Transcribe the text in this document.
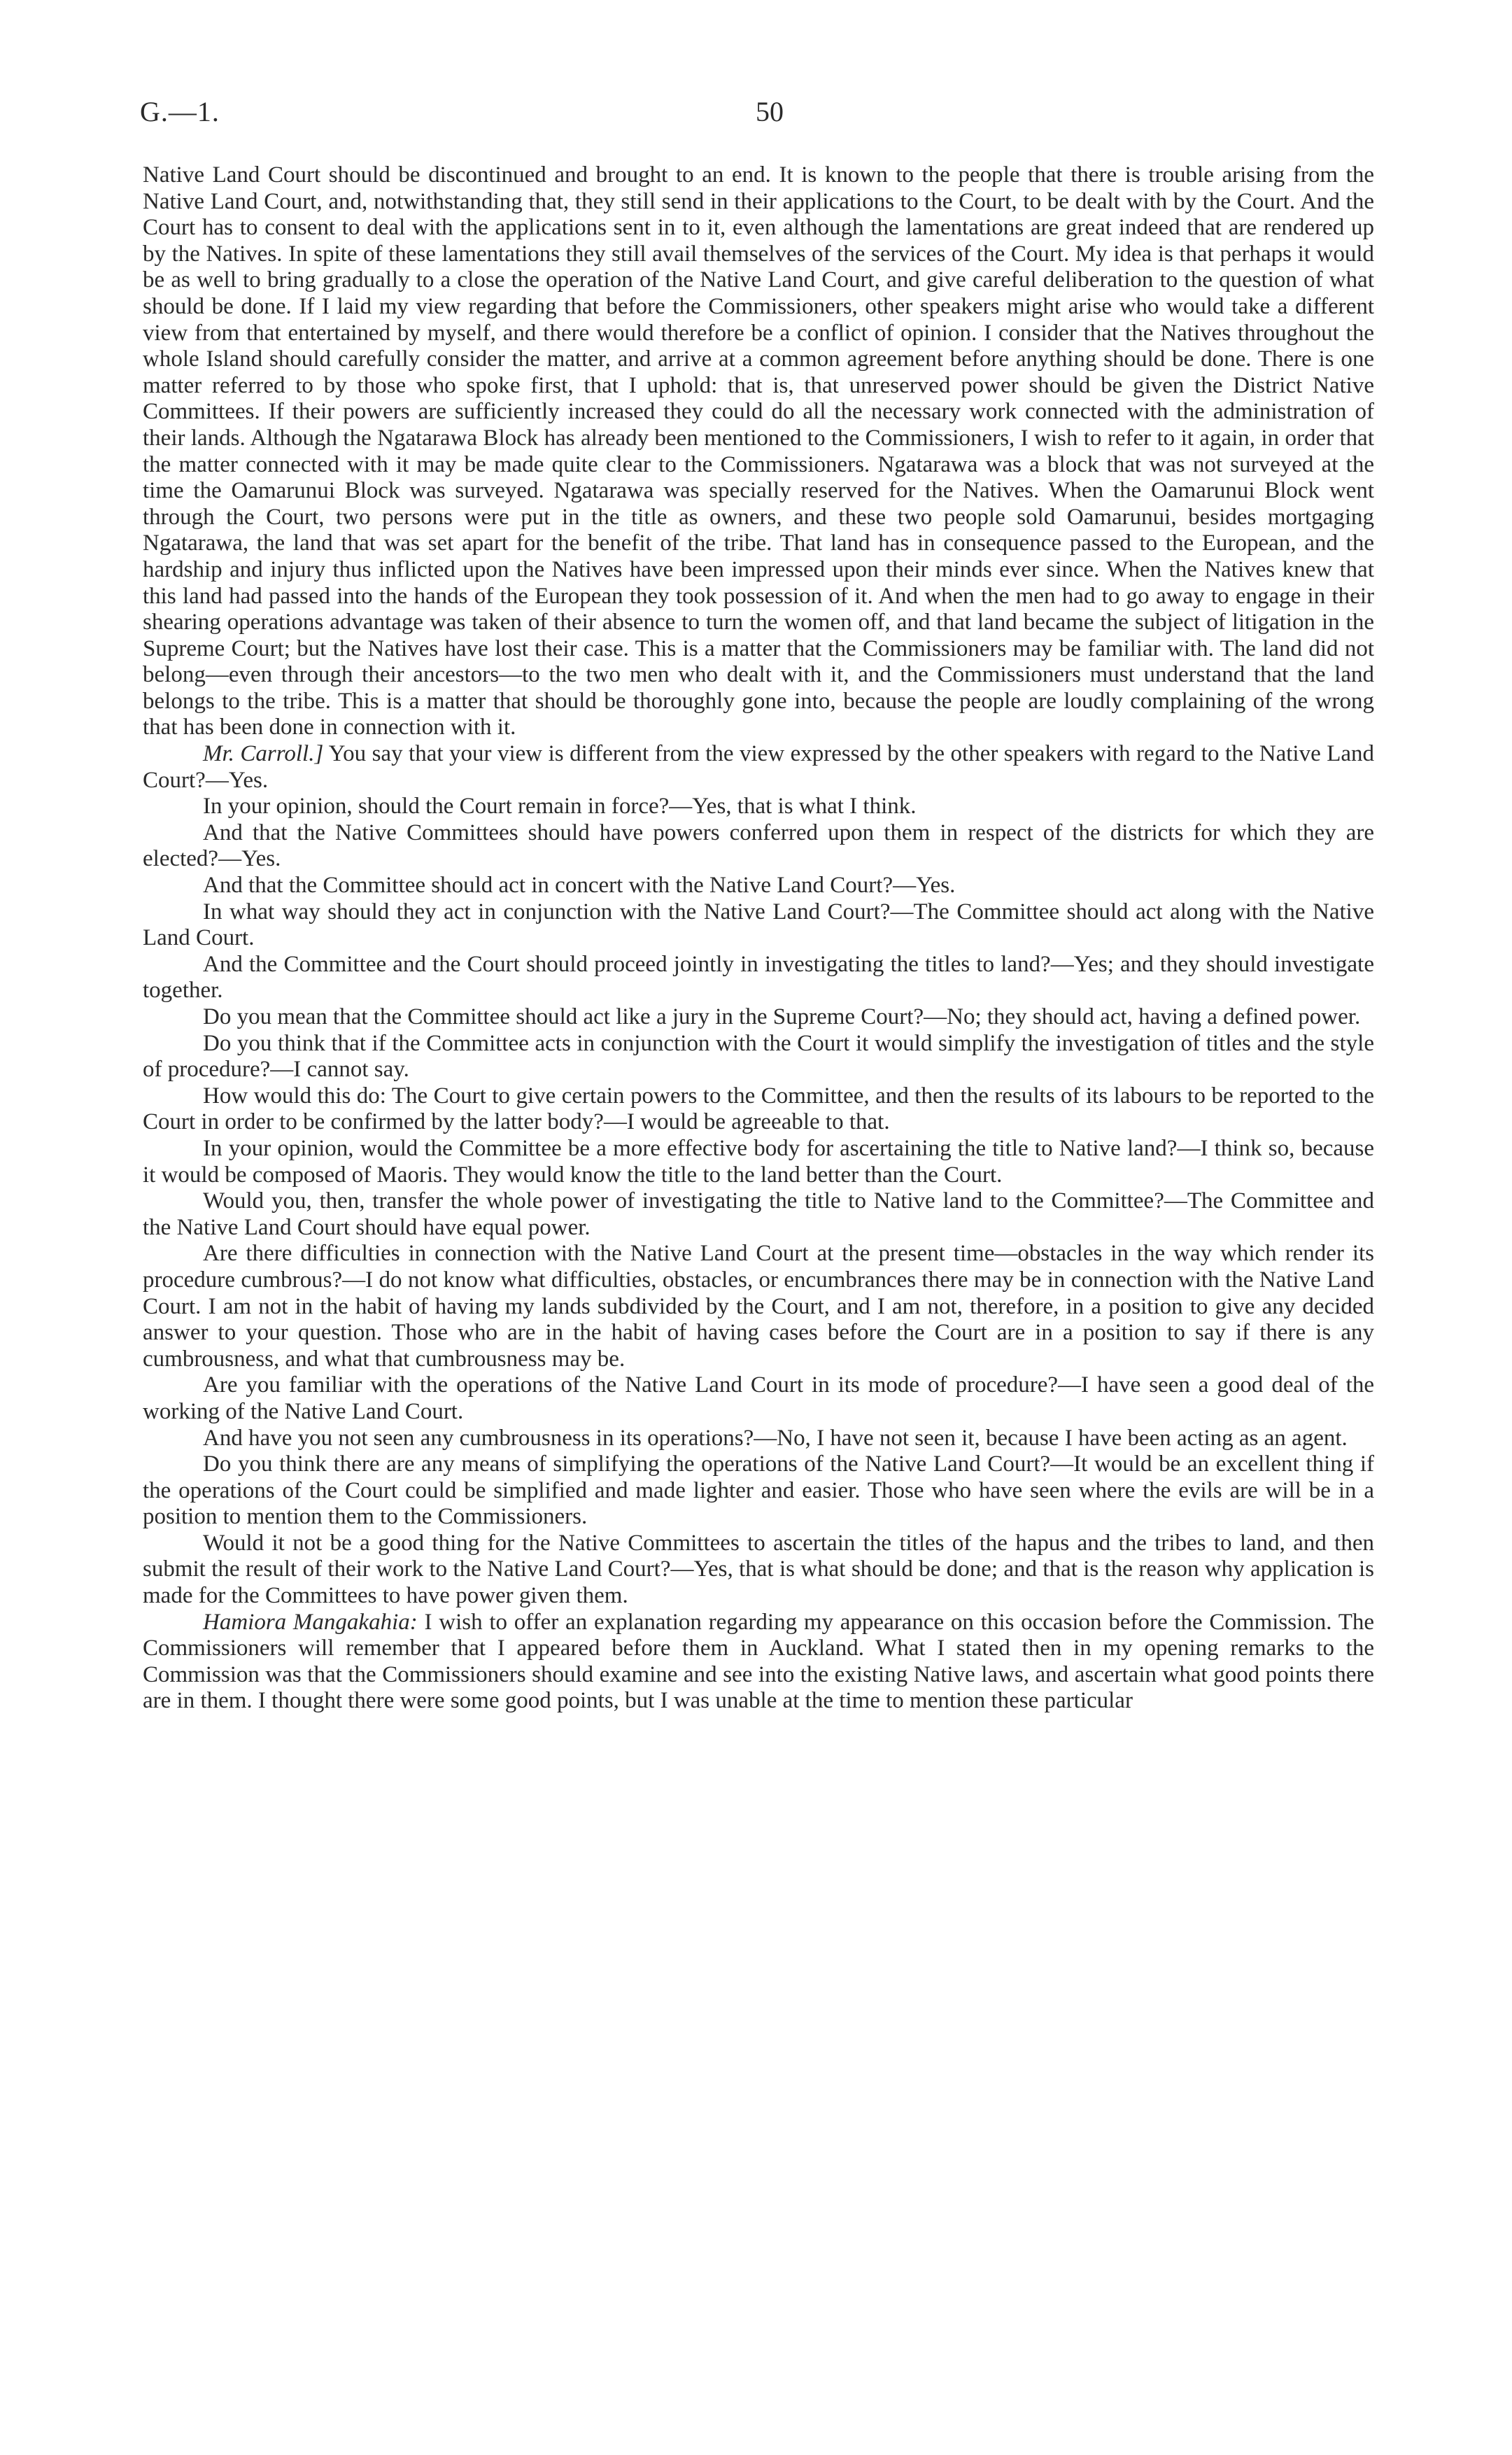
G.—1.	50

Native Land Court should be discontinued and brought to an end. It is known to the people that there is trouble arising from the Native Land Court, and, notwithstanding that, they still send in their applications to the Court, to be dealt with by the Court. And the Court has to consent to deal with the applications sent in to it, even although the lamentations are great indeed that are rendered up by the Natives. In spite of these lamentations they still avail themselves of the services of the Court. My idea is that perhaps it would be as well to bring gradually to a close the operation of the Native Land Court, and give careful deliberation to the question of what should be done. If I laid my view regarding that before the Commissioners, other speakers might arise who would take a different view from that entertained by myself, and there would therefore be a conflict of opinion. I consider that the Natives throughout the whole Island should carefully consider the matter, and arrive at a common agreement before anything should be done. There is one matter referred to by those who spoke first, that I uphold: that is, that unreserved power should be given the District Native Committees. If their powers are sufficiently increased they could do all the necessary work connected with the administration of their lands. Although the Ngatarawa Block has already been mentioned to the Commissioners, I wish to refer to it again, in order that the matter connected with it may be made quite clear to the Commissioners. Ngatarawa was a block that was not surveyed at the time the Oamarunui Block was surveyed. Ngatarawa was specially reserved for the Natives. When the Oamarunui Block went through the Court, two persons were put in the title as owners, and these two people sold Oamarunui, besides mortgaging Ngatarawa, the land that was set apart for the benefit of the tribe. That land has in consequence passed to the European, and the hardship and injury thus inflicted upon the Natives have been impressed upon their minds ever since. When the Natives knew that this land had passed into the hands of the European they took possession of it. And when the men had to go away to engage in their shearing operations advantage was taken of their absence to turn the women off, and that land became the subject of litigation in the Supreme Court; but the Natives have lost their case. This is a matter that the Commissioners may be familiar with. The land did not belong—even through their ancestors—to the two men who dealt with it, and the Commissioners must understand that the land belongs to the tribe. This is a matter that should be thoroughly gone into, because the people are loudly complaining of the wrong that has been done in connection with it.

Mr. Carroll.] You say that your view is different from the view expressed by the other speakers with regard to the Native Land Court?—Yes.

In your opinion, should the Court remain in force?—Yes, that is what I think.

And that the Native Committees should have powers conferred upon them in respect of the districts for which they are elected?—Yes.

And that the Committee should act in concert with the Native Land Court?—Yes.

In what way should they act in conjunction with the Native Land Court?—The Committee should act along with the Native Land Court.

And the Committee and the Court should proceed jointly in investigating the titles to land?—Yes; and they should investigate together.

Do you mean that the Committee should act like a jury in the Supreme Court?—No; they should act, having a defined power.

Do you think that if the Committee acts in conjunction with the Court it would simplify the investigation of titles and the style of procedure?—I cannot say.

How would this do: The Court to give certain powers to the Committee, and then the results of its labours to be reported to the Court in order to be confirmed by the latter body?—I would be agreeable to that.

In your opinion, would the Committee be a more effective body for ascertaining the title to Native land?—I think so, because it would be composed of Maoris. They would know the title to the land better than the Court.

Would you, then, transfer the whole power of investigating the title to Native land to the Committee?—The Committee and the Native Land Court should have equal power.

Are there difficulties in connection with the Native Land Court at the present time—obstacles in the way which render its procedure cumbrous?—I do not know what difficulties, obstacles, or encumbrances there may be in connection with the Native Land Court. I am not in the habit of having my lands subdivided by the Court, and I am not, therefore, in a position to give any decided answer to your question. Those who are in the habit of having cases before the Court are in a position to say if there is any cumbrousness, and what that cumbrousness may be.

Are you familiar with the operations of the Native Land Court in its mode of procedure?—I have seen a good deal of the working of the Native Land Court.

And have you not seen any cumbrousness in its operations?—No, I have not seen it, because I have been acting as an agent.

Do you think there are any means of simplifying the operations of the Native Land Court?—It would be an excellent thing if the operations of the Court could be simplified and made lighter and easier. Those who have seen where the evils are will be in a position to mention them to the Commissioners.

Would it not be a good thing for the Native Committees to ascertain the titles of the hapus and the tribes to land, and then submit the result of their work to the Native Land Court?—Yes, that is what should be done; and that is the reason why application is made for the Committees to have power given them.

Hamiora Mangakahia: I wish to offer an explanation regarding my appearance on this occasion before the Commission. The Commissioners will remember that I appeared before them in Auckland. What I stated then in my opening remarks to the Commission was that the Commissioners should examine and see into the existing Native laws, and ascertain what good points there are in them. I thought there were some good points, but I was unable at the time to mention these particular
